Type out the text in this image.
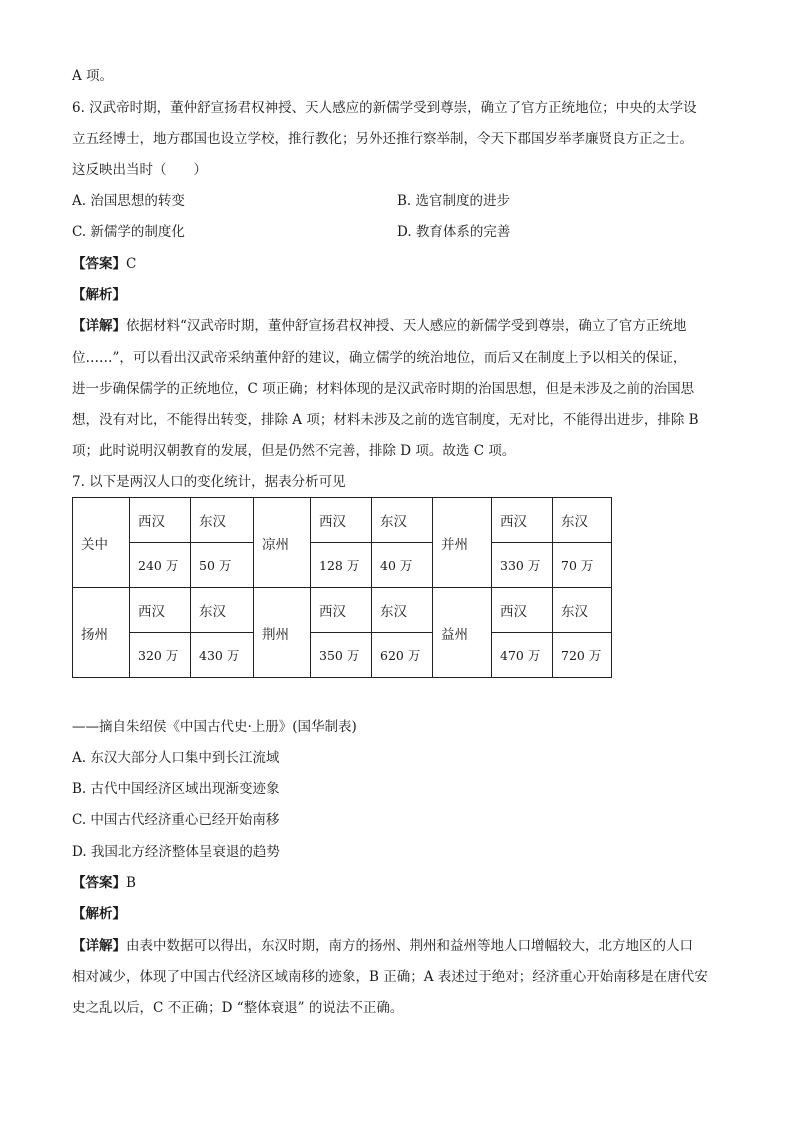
A 项。
6. 汉武帝时期，董仲舒宣扬君权神授、天人感应的新儒学受到尊崇，确立了官方正统地位；中央的太学设
立五经博士，地方郡国也设立学校，推行教化；另外还推行察举制，令天下郡国岁举孝廉贤良方正之士。
这反映出当时（　　）
A. 治国思想的转变	B. 选官制度的进步
C. 新儒学的制度化	D. 教育体系的完善
【答案】C
【解析】
【详解】依据材料“汉武帝时期，董仲舒宣扬君权神授、天人感应的新儒学受到尊崇，确立了官方正统地
位……”，可以看出汉武帝采纳董仲舒的建议，确立儒学的统治地位，而后又在制度上予以相关的保证，
进一步确保儒学的正统地位，C 项正确；材料体现的是汉武帝时期的治国思想，但是未涉及之前的治国思
想，没有对比，不能得出转变，排除 A 项；材料未涉及之前的选官制度，无对比，不能得出进步，排除 B
项；此时说明汉朝教育的发展，但是仍然不完善，排除 D 项。故选 C 项。
7. 以下是两汉人口的变化统计，据表分析可见
关中	西汉	东汉	凉州	西汉	东汉	并州	西汉	东汉
	240 万	50 万		128 万	40 万		330 万	70 万
扬州	西汉	东汉	荆州	西汉	东汉	益州	西汉	东汉
	320 万	430 万		350 万	620 万		470 万	720 万
——摘自朱绍侯《中国古代史·上册》(国华制表)
A. 东汉大部分人口集中到长江流域
B. 古代中国经济区域出现渐变迹象
C. 中国古代经济重心已经开始南移
D. 我国北方经济整体呈衰退的趋势
【答案】B
【解析】
【详解】由表中数据可以得出，东汉时期，南方的扬州、荆州和益州等地人口增幅较大，北方地区的人口
相对减少，体现了中国古代经济区域南移的迹象，B 正确；A 表述过于绝对；经济重心开始南移是在唐代安
史之乱以后，C 不正确；D “整体衰退” 的说法不正确。
